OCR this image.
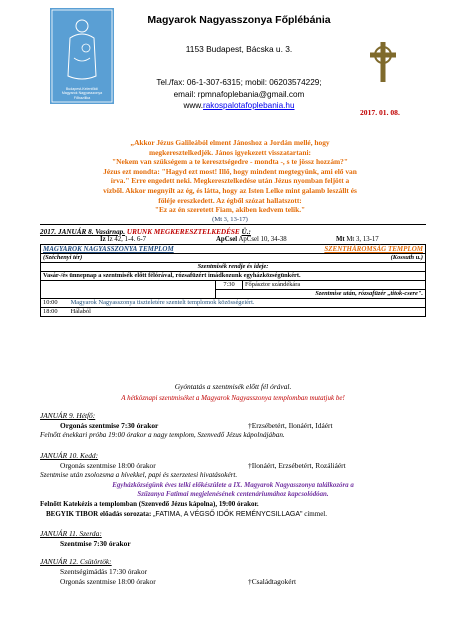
Budapest-Kelenföldi
Magyarok Nagyasszonya
Főbazilika
Magyarok Nagyasszonya Főplébánia
1153 Budapest, Bácska u. 3.
Tel./fax: 06-1-307-6315; mobil: 06203574229;
email: rpmnafoplebania@gmail.com
www.rakospalotafoplebania.hu
2017. 01. 08.
„Akkor Jézus Galileából elment Jánoshoz a Jordán mellé, hogy
megkeresztelkedjék. János igyekezett visszatartani:
"Nekem van szükségem a te keresztségedre - mondta -, s te jössz hozzám?"
Jézus ezt mondta: "Hagyd ezt most! Illő, hogy mindent megtegyünk, ami elő van
írva." Erre engedett neki. Megkeresztelkedése után Jézus nyomban feljött a
vízből. Akkor megnyílt az ég, és látta, hogy az Isten Lelke mint galamb leszállt és
föléje ereszkedett. Az égből szózat hallatszott:
"Ez az én szeretett Fiam, akiben kedvem telik."
(Mt 3, 13-17)
2017. JANUÁR 8. Vasárnap. URUNK MEGKERESZTELKEDÉSE Ü.:
Iz Iz 42, 1-4. 6-7	ApCsel ApCsel 10, 34-38	Mt Mt 3, 13-17
MAGYAROK NAGYASSZONYA TEMPLOM		SZENTHÁROMSÁG TEMPLOM
(Széchenyi tér)		(Kossuth u.)
Szentmisék rendje és ideje:		
Vasár-/és ünnepnap a szentmisék előtt félórával, rózsafüzért imádkozunk egyházközségünkért.		
	7:30	Főpásztor szándékára
	Szentmise után, rózsafüzér „titok-csere".	
10:00 Magyarok Nagyasszonya tiszteletére szentelt templomok közösségeiért.		
18:00 Hálaból		
Gyóntatás a szentmisék előtt fél órával.
A hétköznapi szentmiséket a Magyarok Nagyasszonya templomban mutatjuk be!
JANUÁR 9. Hétfő:
Orgonás szentmise 7:30 órakor	†Erzsébetért, Ilonáért, Idáért
Felnőtt énekkari próba 19:00 órakor a nagy templom, Szenvedő Jézus kápolnájában.
JANUÁR 10. Kedd:
Orgonás szentmise 18:00 órakor	†Ilonáért, Erzsébetért, Rozáliáért
Szentmise után zsolozsma a hívekkel, papi és szerzetesi hivatásokért.
Egyházközségünk éves telki előkészülete a IX. Magyarok Nagyasszonya találkozóra a
Szűzanya Fatimai megjelenésének centenáriumához kapcsolódóan.
Felnőtt Katekézis a templomban (Szenvedő Jézus kápolna), 19:00 órakor.
BEGYIK TIBOR előadás sorozata: „FATIMA, A VÉGSŐ IDŐK REMÉNYCSILLAGA" címmel.
JANUÁR 11. Szerda:
Szentmise 7:30 órakor
JANUÁR 12. Csütörtök:
Szentségimádás 17:30 órakor
Orgonás szentmise 18:00 órakor	†Családtagokért
